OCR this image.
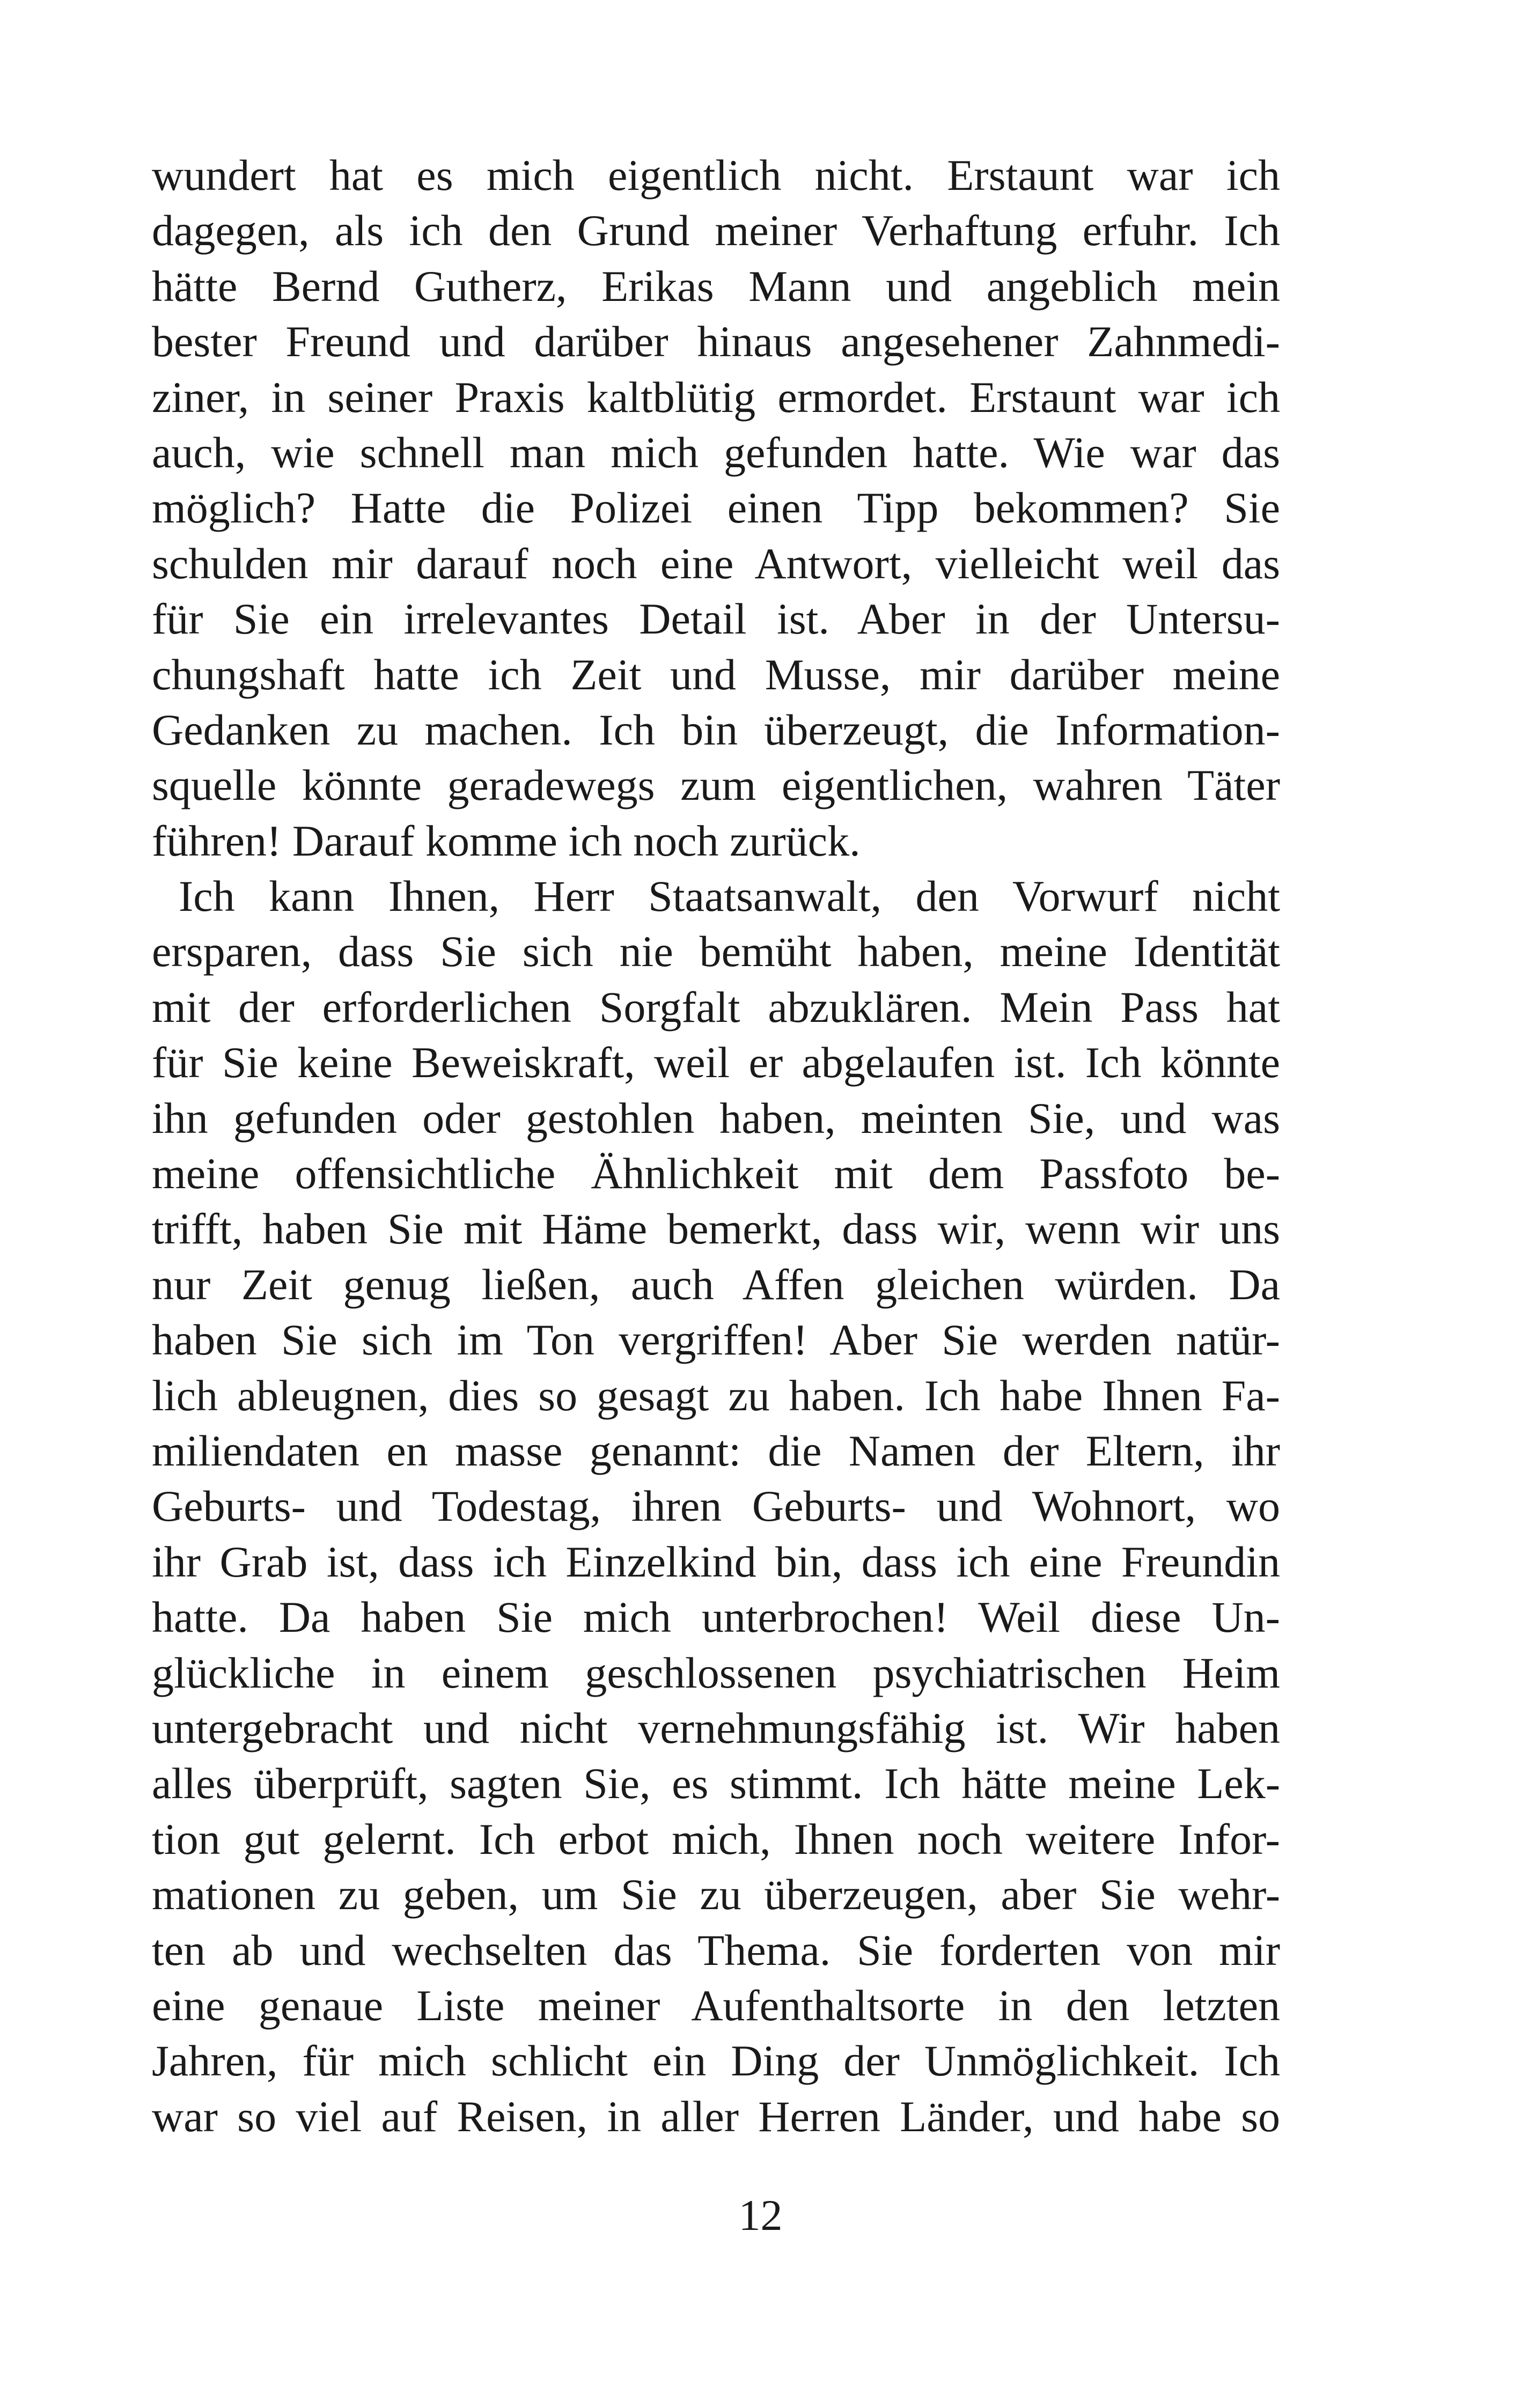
wundert hat es mich eigentlich nicht. Erstaunt war ich
dagegen, als ich den Grund meiner Verhaftung erfuhr. Ich
hätte Bernd Gutherz, Erikas Mann und angeblich mein
bester Freund und darüber hinaus angesehener Zahnmedi-
ziner, in seiner Praxis kaltblütig ermordet. Erstaunt war ich
auch, wie schnell man mich gefunden hatte. Wie war das
möglich? Hatte die Polizei einen Tipp bekommen? Sie
schulden mir darauf noch eine Antwort, vielleicht weil das
für Sie ein irrelevantes Detail ist. Aber in der Untersu-
chungshaft hatte ich Zeit und Musse, mir darüber meine
Gedanken zu machen. Ich bin überzeugt, die Information-
squelle könnte geradewegs zum eigentlichen, wahren Täter
führen! Darauf komme ich noch zurück.
Ich kann Ihnen, Herr Staatsanwalt, den Vorwurf nicht
ersparen, dass Sie sich nie bemüht haben, meine Identität
mit der erforderlichen Sorgfalt abzuklären. Mein Pass hat
für Sie keine Beweiskraft, weil er abgelaufen ist. Ich könnte
ihn gefunden oder gestohlen haben, meinten Sie, und was
meine offensichtliche Ähnlichkeit mit dem Passfoto be-
trifft, haben Sie mit Häme bemerkt, dass wir, wenn wir uns
nur Zeit genug ließen, auch Affen gleichen würden. Da
haben Sie sich im Ton vergriffen! Aber Sie werden natür-
lich ableugnen, dies so gesagt zu haben. Ich habe Ihnen Fa-
miliendaten en masse genannt: die Namen der Eltern, ihr
Geburts- und Todestag, ihren Geburts- und Wohnort, wo
ihr Grab ist, dass ich Einzelkind bin, dass ich eine Freundin
hatte. Da haben Sie mich unterbrochen! Weil diese Un-
glückliche in einem geschlossenen psychiatrischen Heim
untergebracht und nicht vernehmungsfähig ist. Wir haben
alles überprüft, sagten Sie, es stimmt. Ich hätte meine Lek-
tion gut gelernt. Ich erbot mich, Ihnen noch weitere Infor-
mationen zu geben, um Sie zu überzeugen, aber Sie wehr-
ten ab und wechselten das Thema. Sie forderten von mir
eine genaue Liste meiner Aufenthaltsorte in den letzten
Jahren, für mich schlicht ein Ding der Unmöglichkeit. Ich
war so viel auf Reisen, in aller Herren Länder, und habe so
12
